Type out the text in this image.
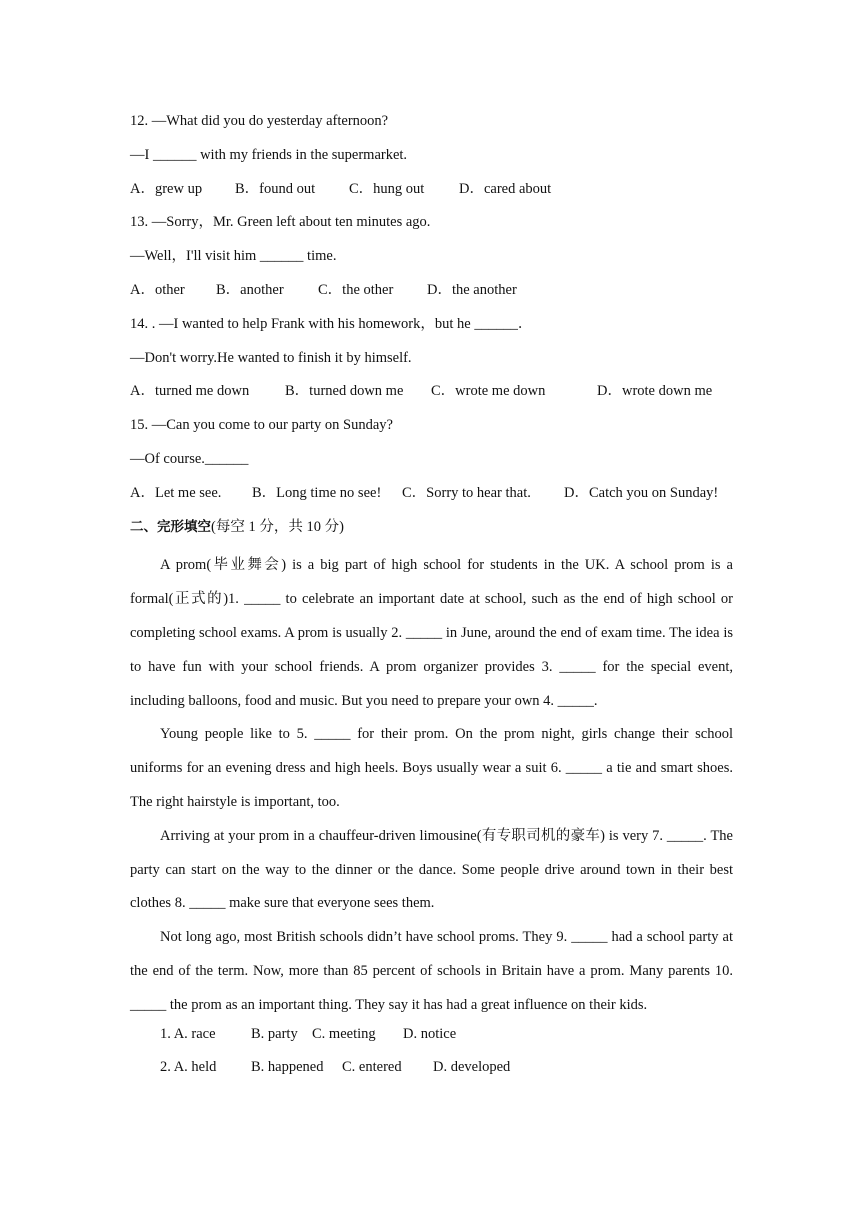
12. —What did you do yesterday afternoon?
—I ______ with my friends in the supermarket.
A．grew up	B．found out	C．hung out	D．cared about
13. —Sorry，Mr. Green left about ten minutes ago.
—Well，I'll visit him ______ time.
A．other	B．another	C．the other	D．the another
14. . —I wanted to help Frank with his homework，but he ______．
—Don't worry.He wanted to finish it by himself.
A．turned me down	B．turned down me	C．wrote me down	D．wrote down me
15. —Can you come to our party on Sunday?
—Of course.______
A．Let me see.	B．Long time no see!	C．Sorry to hear that.	D．Catch you on Sunday!
二、完形填空(每空 1 分，共 10 分)

A prom(毕业舞会) is a big part of high school for students in the UK. A school prom is a formal(正式的)1. _____ to celebrate an important date at school, such as the end of high school or completing school exams. A prom is usually 2. _____ in June, around the end of exam time. The idea is to have fun with your school friends. A prom organizer provides 3. _____ for the special event, including balloons, food and music. But you need to prepare your own 4. _____.

Young people like to 5. _____ for their prom. On the prom night, girls change their school uniforms for an evening dress and high heels. Boys usually wear a suit 6. _____ a tie and smart shoes. The right hairstyle is important, too.

Arriving at your prom in a chauffeur-driven limousine(有专职司机的豪车) is very 7. _____. The party can start on the way to the dinner or the dance. Some people drive around town in their best clothes 8. _____ make sure that everyone sees them.

Not long ago, most British schools didn’t have school proms. They 9. _____ had a school party at the end of the term. Now, more than 85 percent of schools in Britain have a prom. Many parents 10. _____ the prom as an important thing. They say it has had a great influence on their kids.

1. A. race	B. party C. meeting	D. notice
2. A. held	B. happened	C. entered	D. developed
